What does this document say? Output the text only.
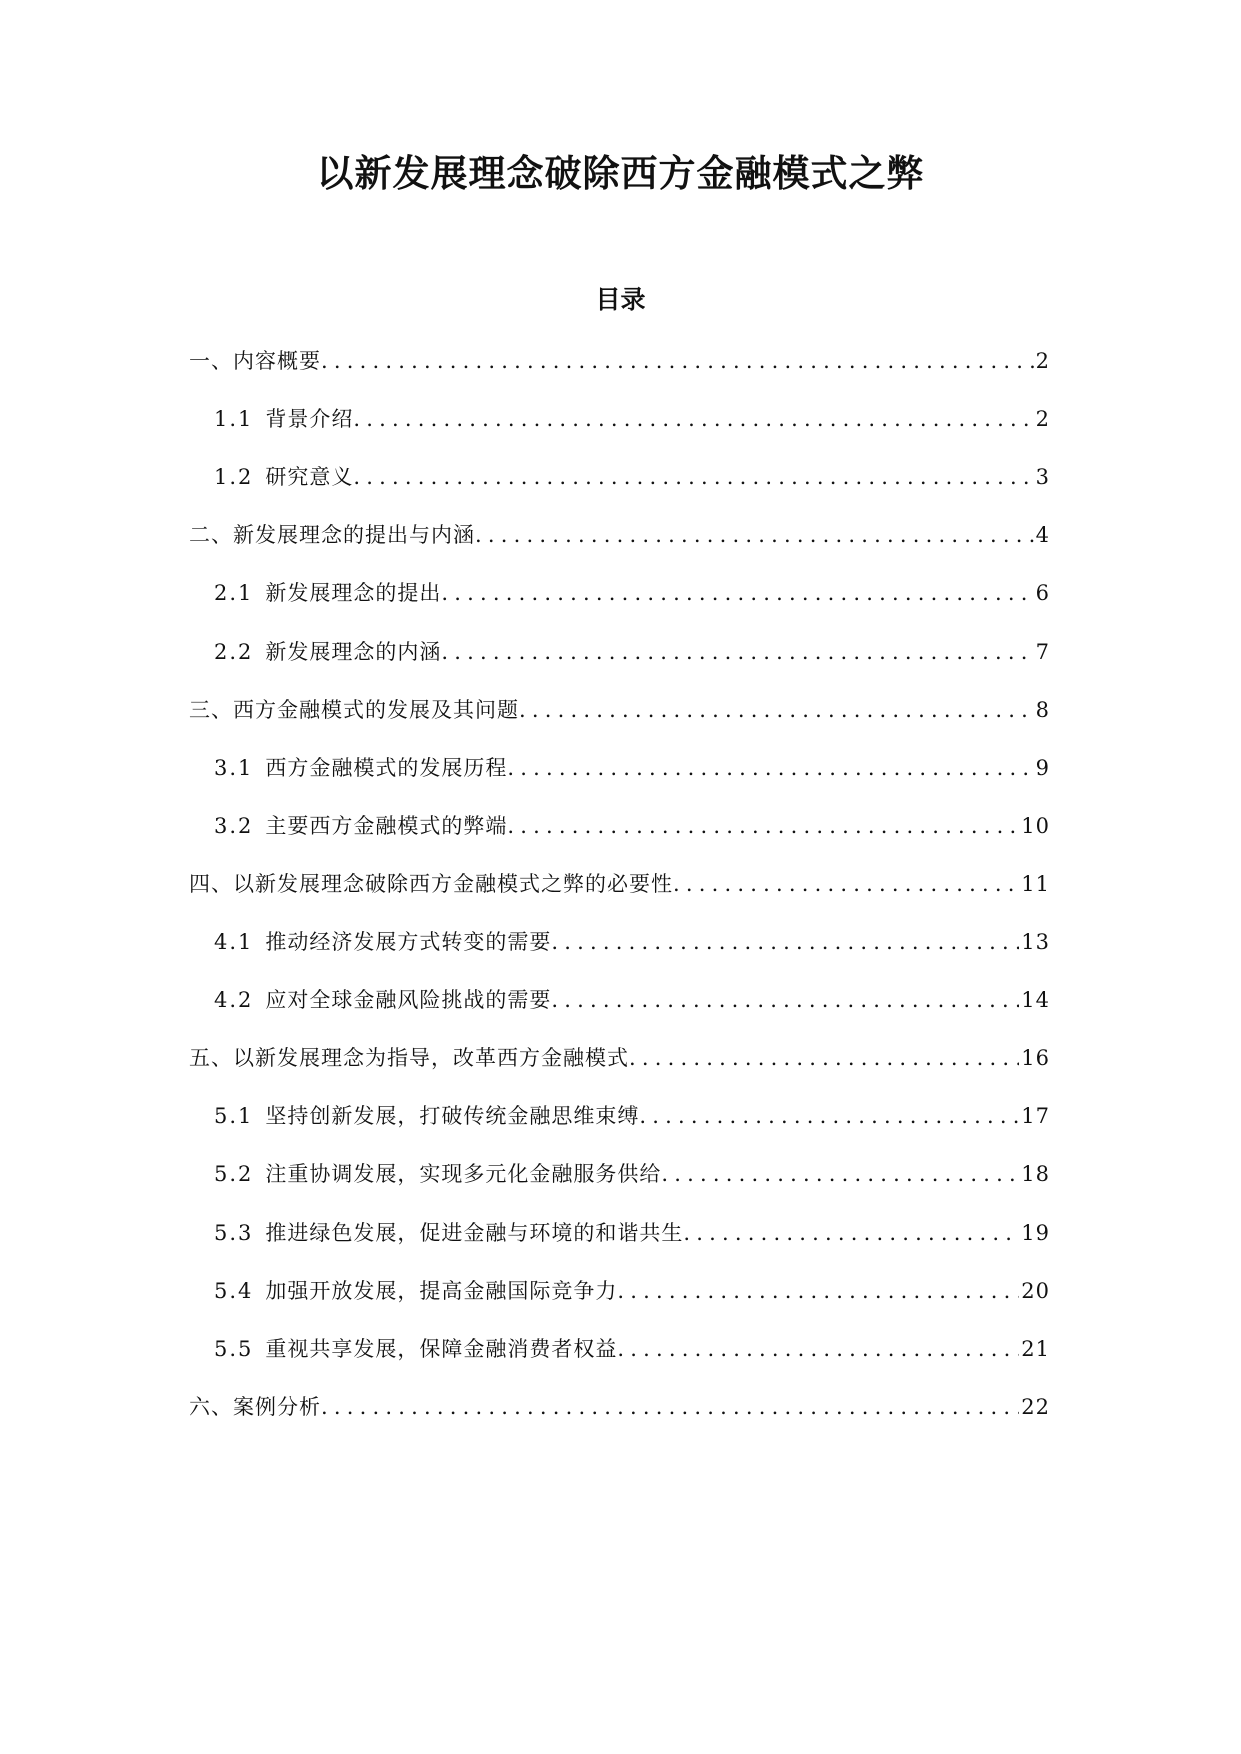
以新发展理念破除西方金融模式之弊
目录
一、内容概要 .....	2
1.1 背景介绍 .....	2
1.2 研究意义 .....	3
二、新发展理念的提出与内涵 .....	4
2.1 新发展理念的提出 .....	6
2.2 新发展理念的内涵 .....	7
三、西方金融模式的发展及其问题 .....	8
3.1 西方金融模式的发展历程 .....	9
3.2 主要西方金融模式的弊端 .....	10
四、以新发展理念破除西方金融模式之弊的必要性 .....	11
4.1 推动经济发展方式转变的需要 .....	13
4.2 应对全球金融风险挑战的需要 .....	14
五、以新发展理念为指导，改革西方金融模式 .....	16
5.1 坚持创新发展，打破传统金融思维束缚 .....	17
5.2 注重协调发展，实现多元化金融服务供给 .....	18
5.3 推进绿色发展，促进金融与环境的和谐共生 .....	19
5.4 加强开放发展，提高金融国际竞争力 .....	20
5.5 重视共享发展，保障金融消费者权益 .....	21
六、案例分析 .....	22
